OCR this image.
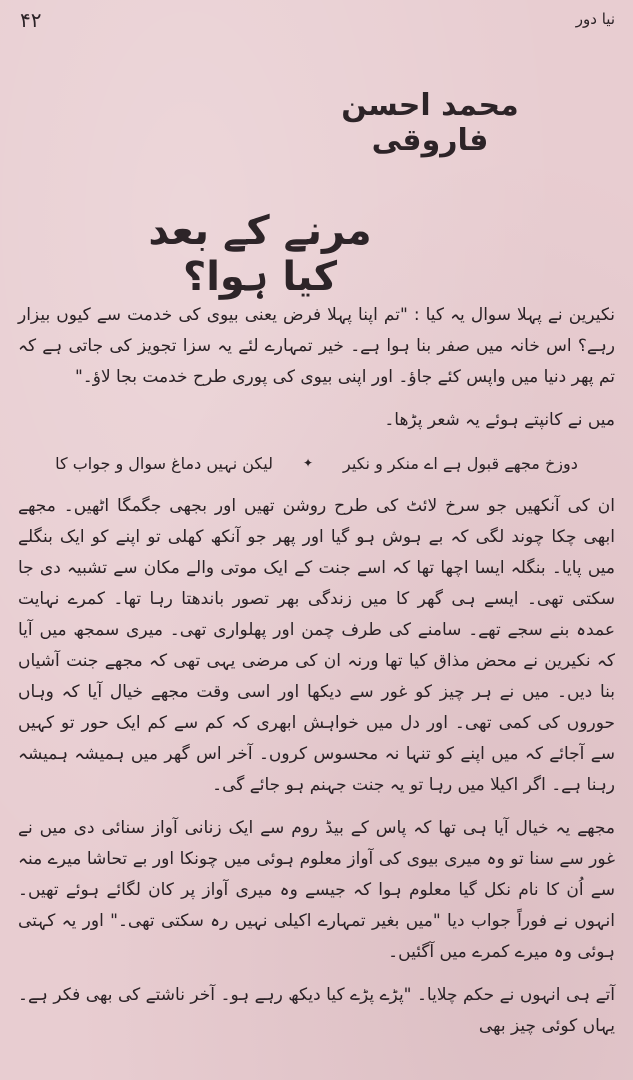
نیا دور
۴۲
محمد احسن فاروقی
مرنے کے بعد کیا ہوا؟

نکیرین نے پہلا سوال یہ کیا : "تم اپنا پہلا فرض یعنی بیوی کی خدمت سے کیوں بیزار رہے؟ اس خانہ میں صفر بنا ہوا ہے۔ خیر تمہارے لئے یہ سزا تجویز کی جاتی ہے کہ تم پھر دنیا میں واپس کئے جاؤ۔ اور اپنی بیوی کی پوری طرح خدمت بجا لاؤ۔"

میں نے کانپتے ہوئے یہ شعر پڑھا۔

دوزخ مجھے قبول ہے اے منکر و نکیر
✦
لیکن نہیں دماغ سوال و جواب کا

ان کی آنکھیں جو سرخ لائٹ کی طرح روشن تھیں اور بجھی جگمگا اٹھیں۔ مجھے ابھی چکا چوند لگی کہ بے ہوش ہو گیا اور پھر جو آنکھ کھلی تو اپنے کو ایک بنگلے میں پایا۔ بنگلہ ایسا اچھا تھا کہ اسے جنت کے ایک موتی والے مکان سے تشبیہ دی جا سکتی تھی۔ ایسے ہی گھر کا میں زندگی بھر تصور باندھتا رہا تھا۔ کمرے نہایت عمدہ بنے سجے تھے۔ سامنے کی طرف چمن اور پھلواری تھی۔ میری سمجھ میں آیا کہ نکیرین نے محض مذاق کیا تھا ورنہ ان کی مرضی یہی تھی کہ مجھے جنت آشیاں بنا دیں۔ میں نے ہر چیز کو غور سے دیکھا اور اسی وقت مجھے خیال آیا کہ وہاں حوروں کی کمی تھی۔ اور دل میں خواہش ابھری کہ کم سے کم ایک حور تو کہیں سے آجائے کہ میں اپنے کو تنہا نہ محسوس کروں۔ آخر اس گھر میں ہمیشہ ہمیشہ رہنا ہے۔ اگر اکیلا میں رہا تو یہ جنت جہنم ہو جائے گی۔

مجھے یہ خیال آیا ہی تھا کہ پاس کے بیڈ روم سے ایک زنانی آواز سنائی دی میں نے غور سے سنا تو وہ میری بیوی کی آواز معلوم ہوئی میں چونکا اور بے تحاشا میرے منہ سے اُن کا نام نکل گیا معلوم ہوا کہ جیسے وہ میری آواز پر کان لگائے ہوئے تھیں۔ انہوں نے فوراً جواب دیا "میں بغیر تمہارے اکیلی نہیں رہ سکتی تھی۔" اور یہ کہتی ہوئی وہ میرے کمرے میں آگئیں۔

آتے ہی انہوں نے حکم چلایا۔ "پڑے پڑے کیا دیکھ رہے ہو۔ آخر ناشتے کی بھی فکر ہے۔ یہاں کوئی چیز بھی
